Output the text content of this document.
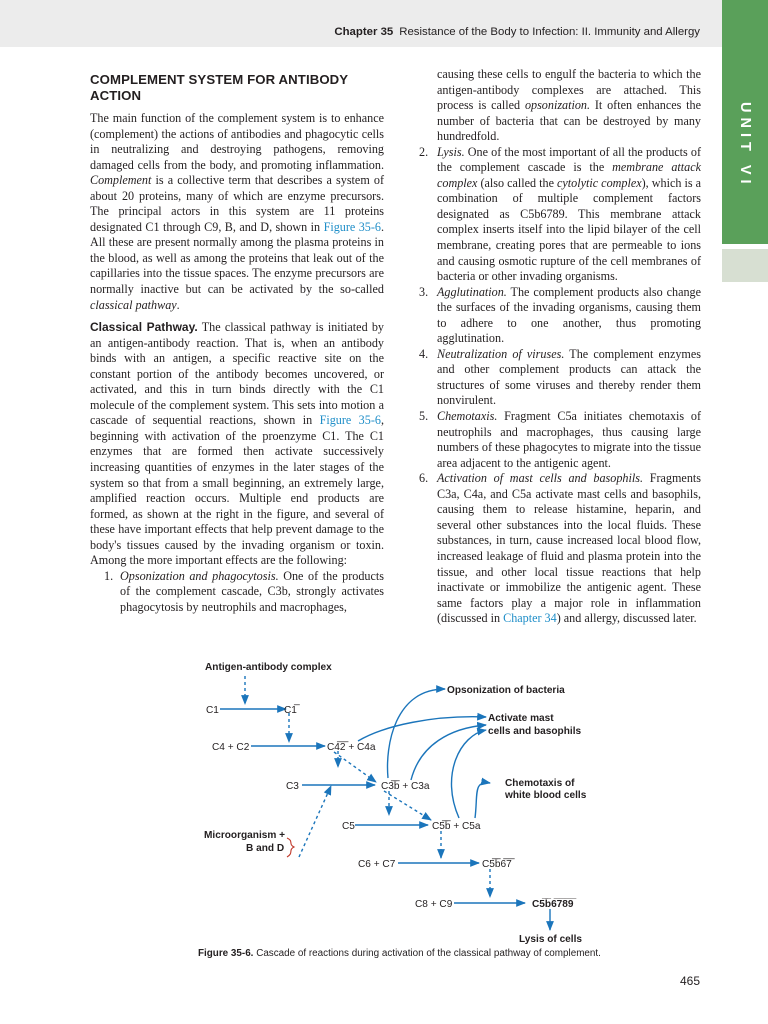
Chapter 35 Resistance of the Body to Infection: II. Immunity and Allergy
UNIT VI
COMPLEMENT SYSTEM FOR ANTIBODY ACTION

The main function of the complement system is to enhance (complement) the actions of antibodies and phagocytic cells in neutralizing and destroying pathogens, removing damaged cells from the body, and promoting inflammation. Complement is a collective term that describes a system of about 20 proteins, many of which are enzyme precursors. The principal actors in this system are 11 proteins designated C1 through C9, B, and D, shown in Figure 35-6. All these are present normally among the plasma proteins in the blood, as well as among the proteins that leak out of the capillaries into the tissue spaces. The enzyme precursors are normally inactive but can be activated by the so-called classical pathway.

Classical Pathway. The classical pathway is initiated by an antigen-antibody reaction. That is, when an antibody binds with an antigen, a specific reactive site on the constant portion of the antibody becomes uncovered, or activated, and this in turn binds directly with the C1 molecule of the complement system. This sets into motion a cascade of sequential reactions, shown in Figure 35-6, beginning with activation of the proenzyme C1. The C1 enzymes that are formed then activate successively increasing quantities of enzymes in the later stages of the system so that from a small beginning, an extremely large, amplified reaction occurs. Multiple end products are formed, as shown at the right in the figure, and several of these have important effects that help prevent damage to the body's tissues caused by the invading organism or toxin. Among the more important effects are the following:

1. Opsonization and phagocytosis. One of the products of the complement cascade, C3b, strongly activates phagocytosis by neutrophils and macrophages,

causing these cells to engulf the bacteria to which the antigen-antibody complexes are attached. This process is called opsonization. It often enhances the number of bacteria that can be destroyed by many hundredfold.

2. Lysis. One of the most important of all the products of the complement cascade is the membrane attack complex (also called the cytolytic complex), which is a combination of multiple complement factors designated as C5b6789. This membrane attack complex inserts itself into the lipid bilayer of the cell membrane, creating pores that are permeable to ions and causing osmotic rupture of the cell membranes of bacteria or other invading organisms.
3. Agglutination. The complement products also change the surfaces of the invading organisms, causing them to adhere to one another, thus promoting agglutination.
4. Neutralization of viruses. The complement enzymes and other complement products can attack the structures of some viruses and thereby render them nonvirulent.
5. Chemotaxis. Fragment C5a initiates chemotaxis of neutrophils and macrophages, thus causing large numbers of these phagocytes to migrate into the tissue area adjacent to the antigenic agent.
6. Activation of mast cells and basophils. Fragments C3a, C4a, and C5a activate mast cells and basophils, causing them to release histamine, heparin, and several other substances into the local fluids. These substances, in turn, cause increased local blood flow, increased leakage of fluid and plasma protein into the tissue, and other local tissue reactions that help inactivate or immobilize the antigenic agent. These same factors play a major role in inflammation (discussed in Chapter 34) and allergy, discussed later.
Antigen-antibody complex
C1	C1̅
C4 + C2	C4̅2̅ + C4a
C3	C3̅b̅ + C3a
C5	C5̅b̅ + C5a
C6 + C7	C5̅b̅6̅7̅
C8 + C9	C5̅b̅6̅7̅8̅9̅
Microorganism +
B and D
Opsonization of bacteria
Activate mast
cells and basophils
Chemotaxis of
white blood cells
Lysis of cells
Figure 35-6. Cascade of reactions during activation of the classical pathway of complement.
465
